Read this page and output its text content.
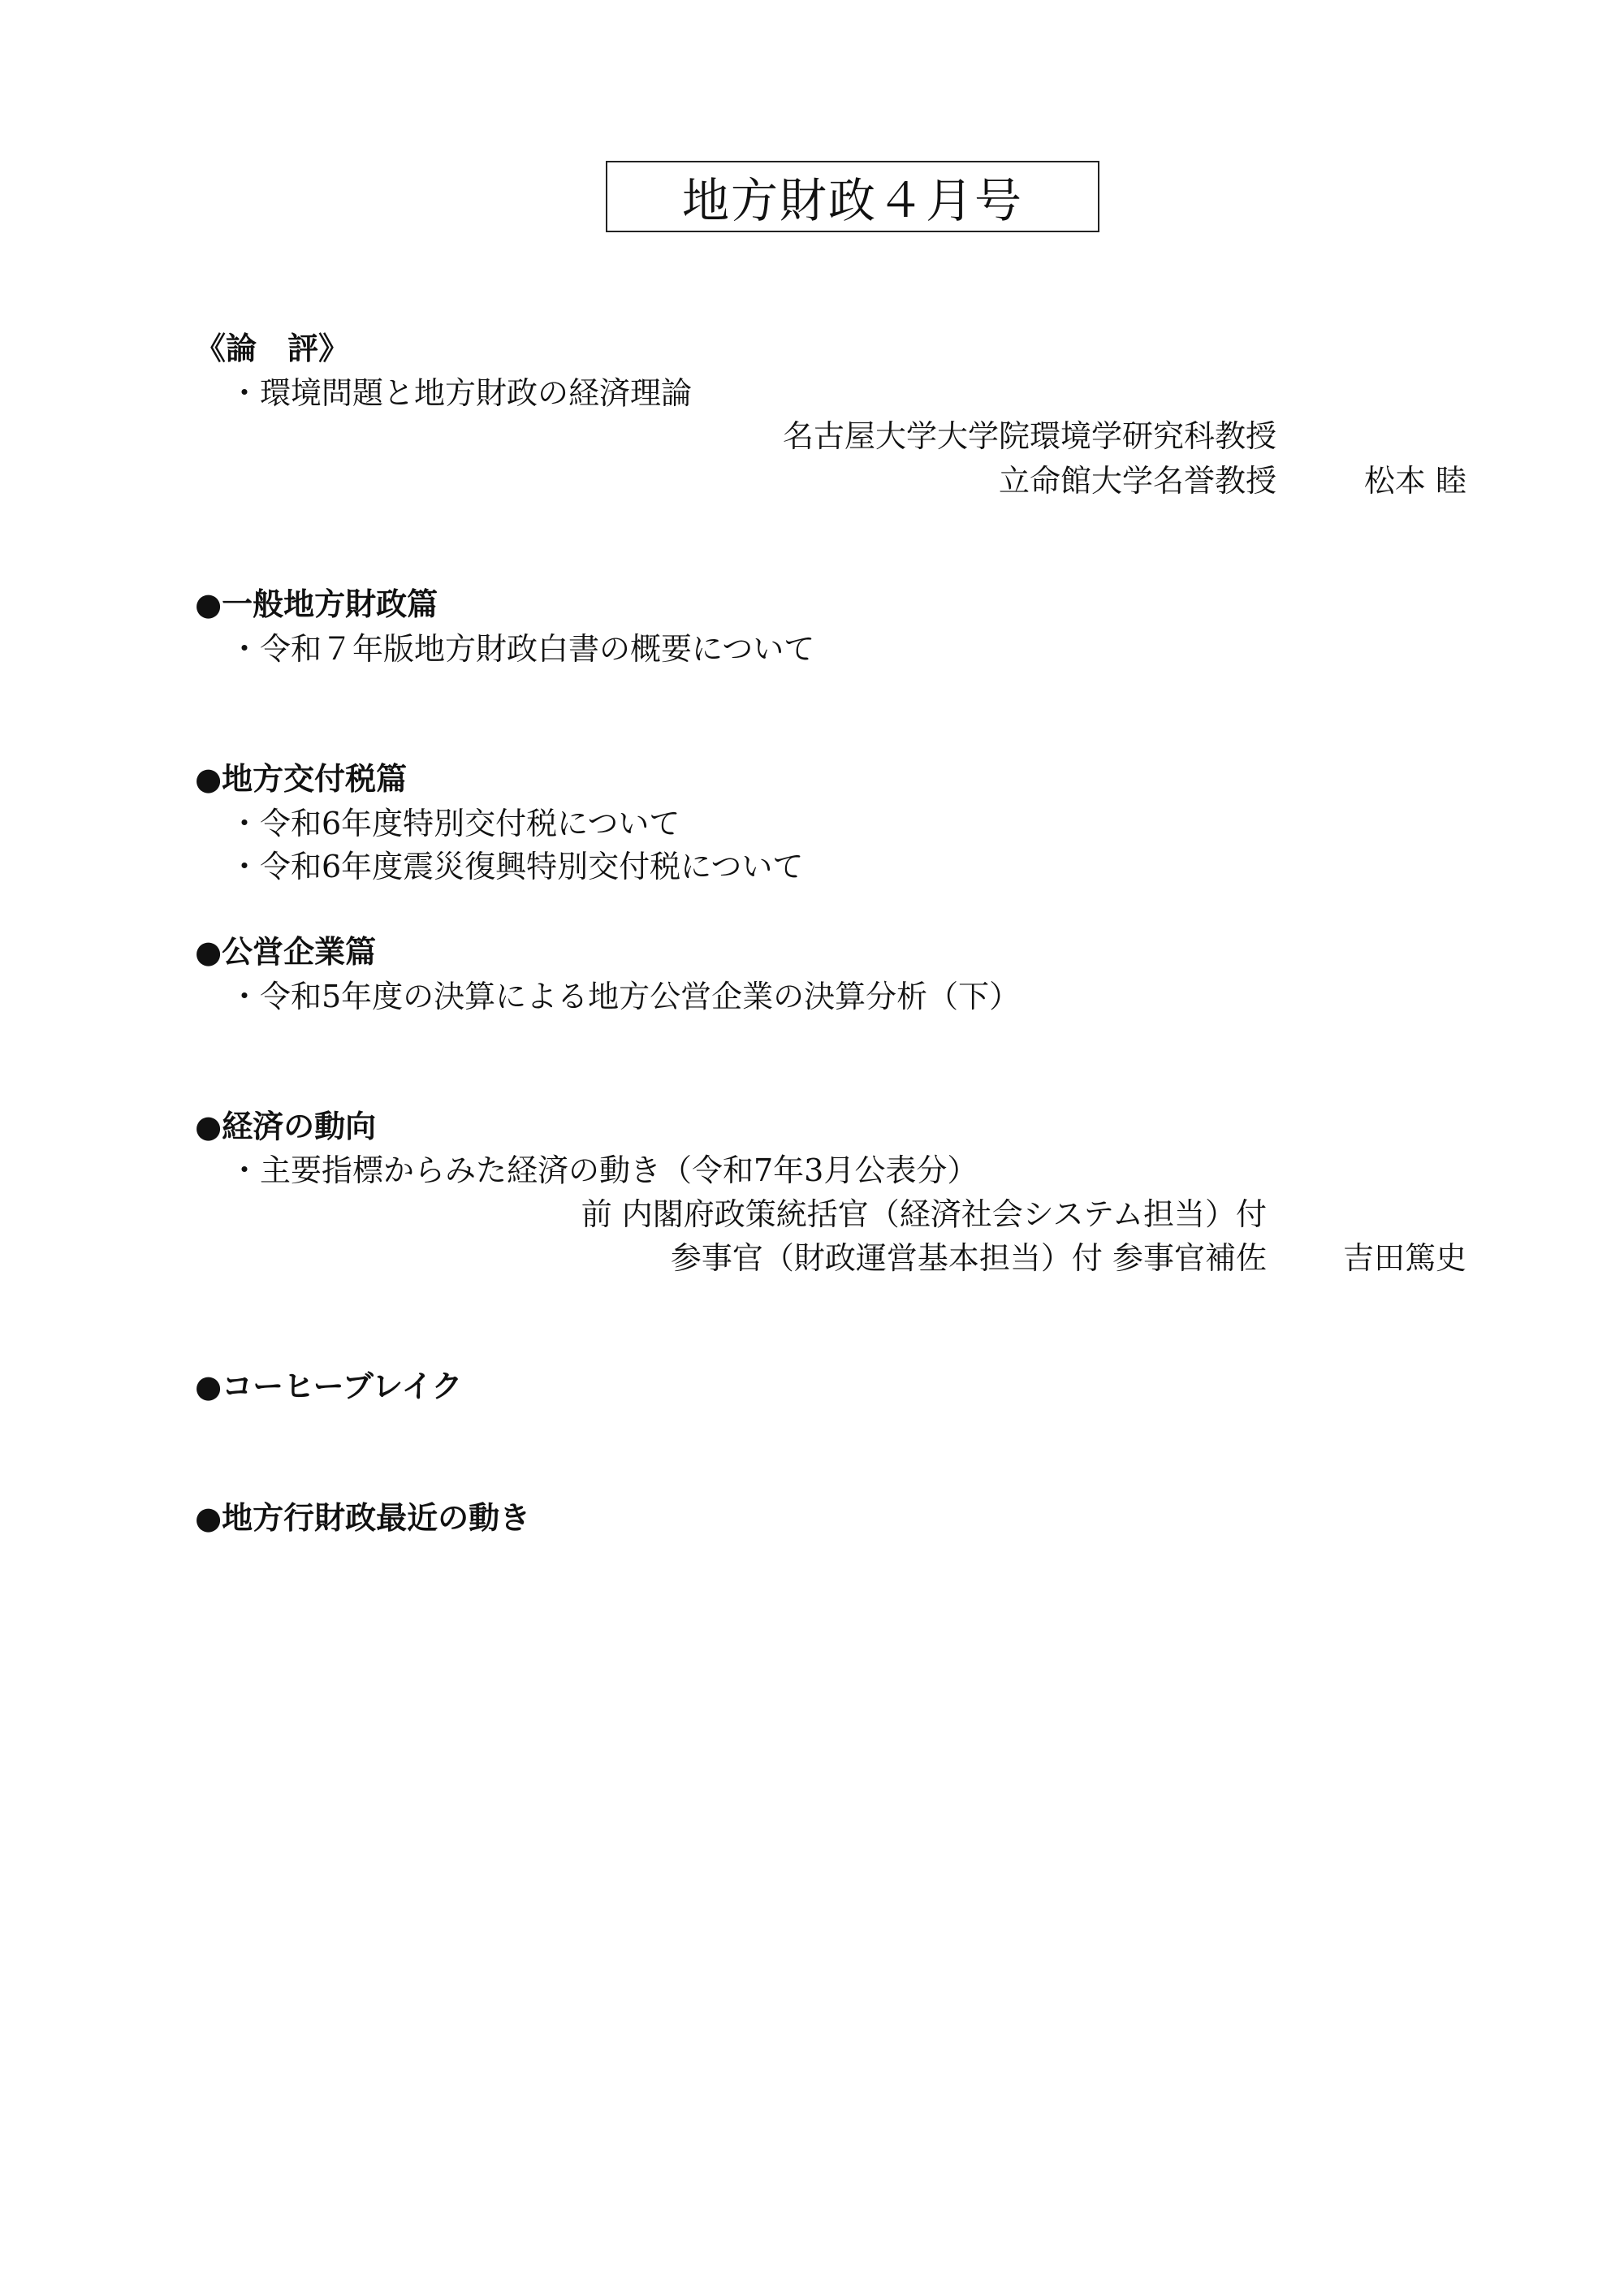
地方財政４月号
《論　評》
・環境問題と地方財政の経済理論
名古屋大学大学院環境学研究科教授
立命館大学名誉教授	松本 睦
●一般地方財政篇
・令和７年版地方財政白書の概要について
●地方交付税篇
・令和6年度特別交付税について
・令和6年度震災復興特別交付税について
●公営企業篇
・令和5年度の決算による地方公営企業の決算分析（下）
●経済の動向
・主要指標からみた経済の動き（令和7年3月公表分）
前 内閣府政策統括官（経済社会システム担当）付
参事官（財政運営基本担当）付 参事官補佐 吉田篤史
●コーヒーブレイク
●地方行財政最近の動き
